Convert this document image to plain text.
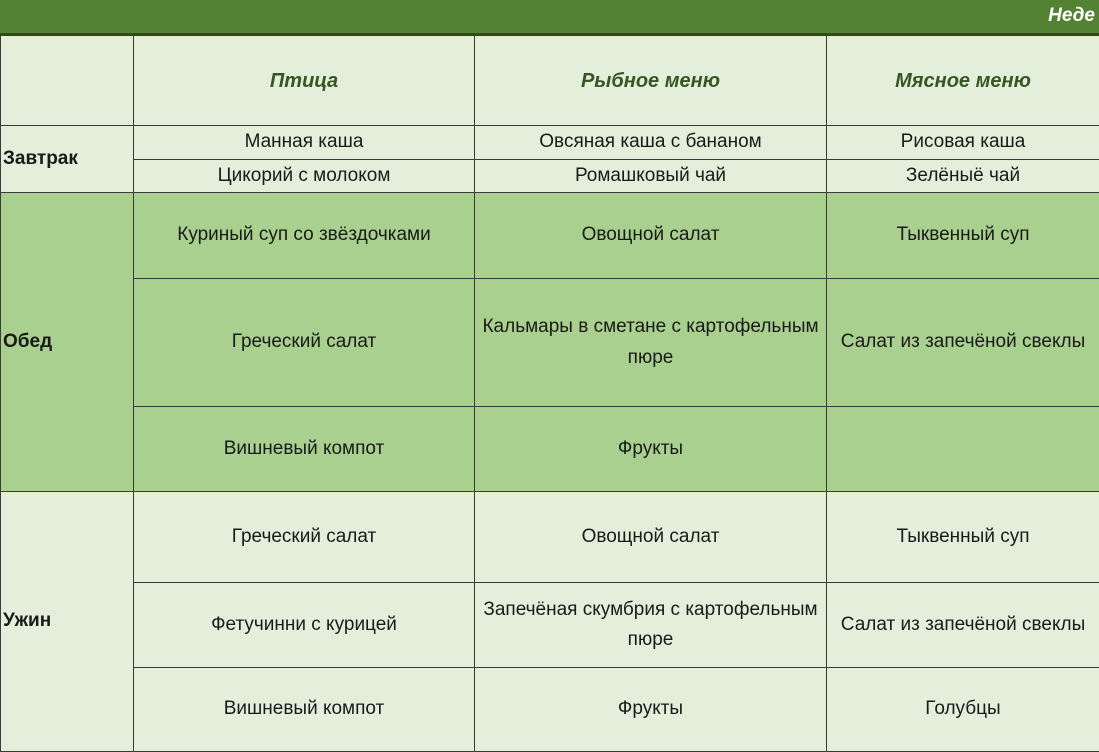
Неде
	Птица	Рыбное меню	Мясное меню
Завтрак	Манная каша	Овсяная каша с бананом	Рисовая каша
	Цикорий с молоком	Ромашковый чай	Зелёныё чай
Обед	Куриный суп со звёздочками	Овощной салат	Тыквенный суп
	Греческий салат	Кальмары в сметане с картофельным пюре	Салат из запечёной свеклы
	Вишневый компот	Фрукты	
Ужин	Греческий салат	Овощной салат	Тыквенный суп
	Фетучинни с курицей	Запечёная скумбрия с картофельным пюре	Салат из запечёной свеклы
	Вишневый компот	Фрукты	Голубцы
